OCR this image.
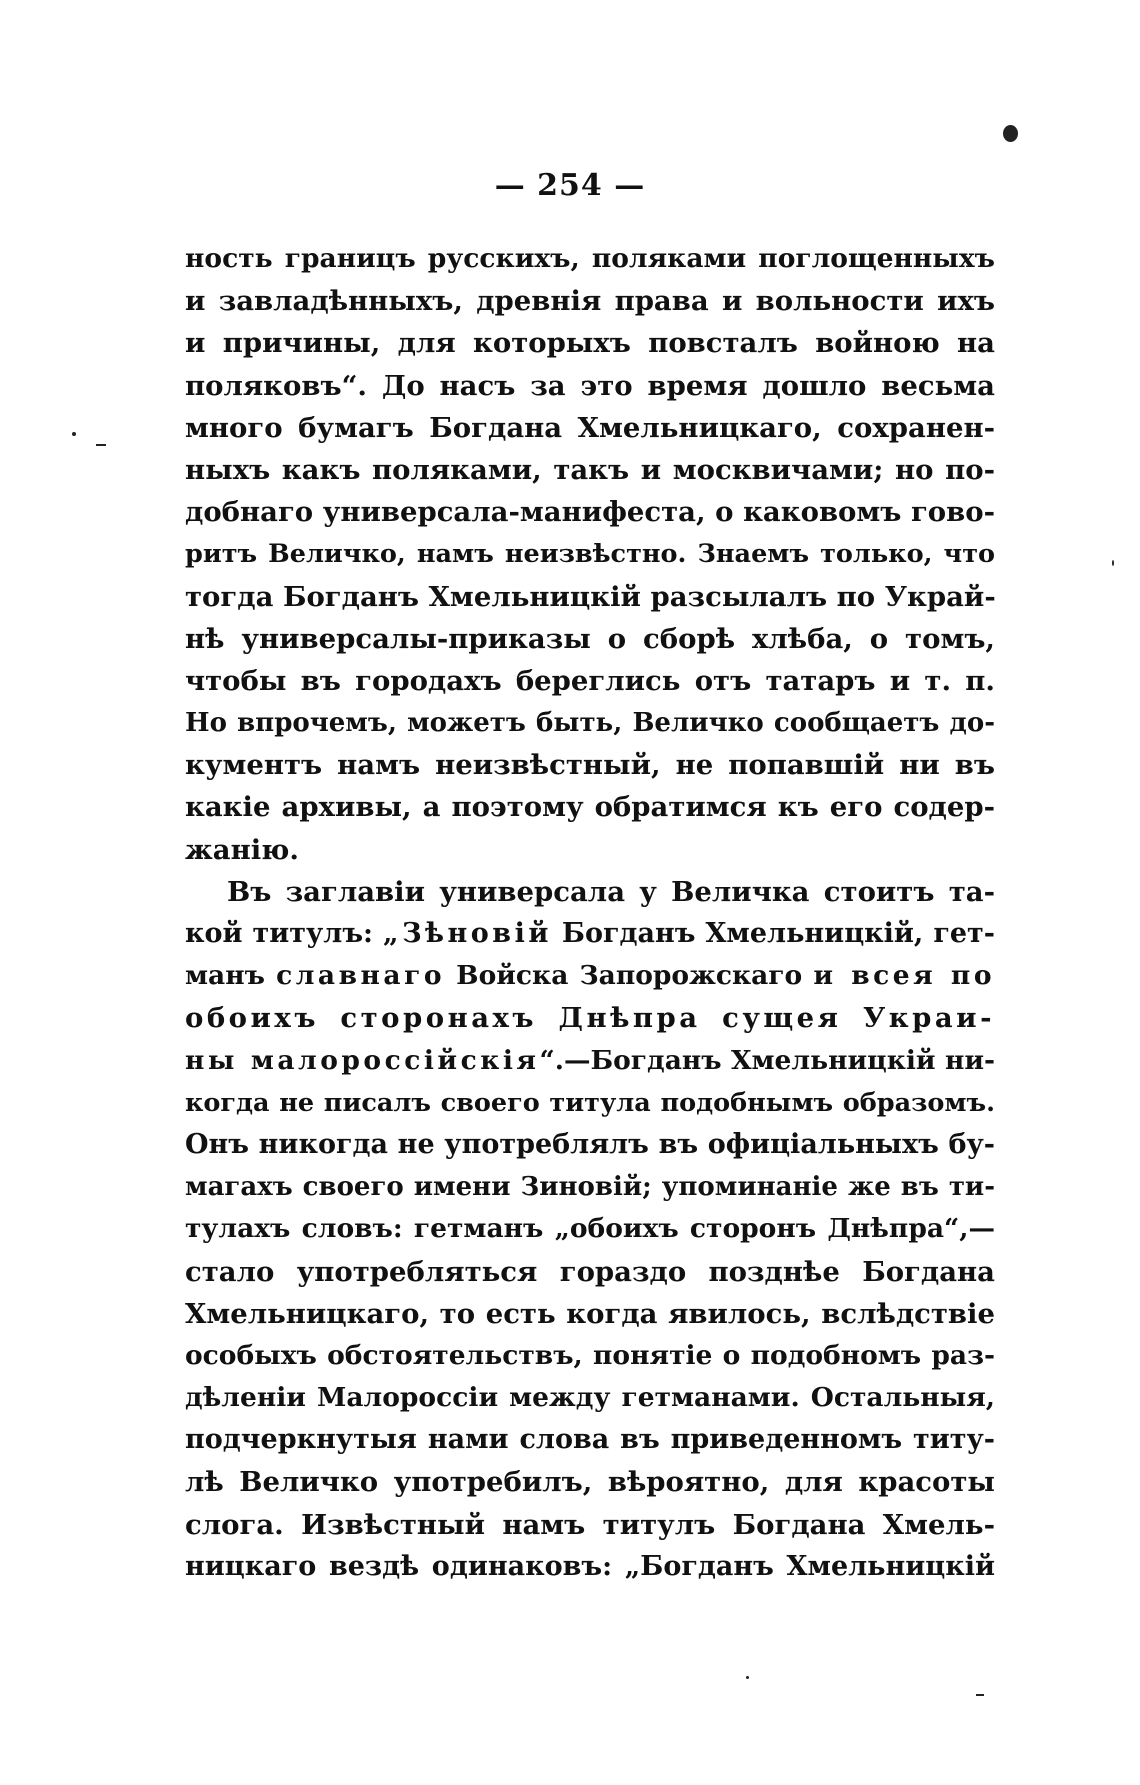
— 254 —
ность границъ русскихъ, поляками поглощенныхъ
и завладѣнныхъ, древнія права и вольности ихъ
и причины, для которыхъ повсталъ войною на
поляковъ“. До насъ за это время дошло весьма
много бумагъ Богдана Хмельницкаго, сохранен-
ныхъ какъ поляками, такъ и москвичами; но по-
добнаго универсала-манифеста, о каковомъ гово-
ритъ Величко, намъ неизвѣстно. Знаемъ только, что
тогда Богданъ Хмельницкій разсылалъ по Украй-
нѣ универсалы-приказы о сборѣ хлѣба, о томъ,
чтобы въ городахъ береглись отъ татаръ и т. п.
Но впрочемъ, можетъ быть, Величко сообщаетъ до-
кументъ намъ неизвѣстный, не попавшій ни въ
какіе архивы, а поэтому обратимся къ его содер-
жанію.
Въ заглавіи универсала у Величка стоитъ та-
кой титулъ: „Зѣновій Богданъ Хмельницкій, гет-
манъ славнаго Войска Запорожскаго и всея по
обоихъ сторонахъ Днѣпра сущея Украи-
ны малороссійскія“.—Богданъ Хмельницкій ни-
когда не писалъ своего титула подобнымъ образомъ.
Онъ никогда не употреблялъ въ офиціальныхъ бу-
магахъ своего имени Зиновій; упоминаніе же въ ти-
тулахъ словъ: гетманъ „обоихъ сторонъ Днѣпра“,—
стало употребляться гораздо позднѣе Богдана
Хмельницкаго, то есть когда явилось, вслѣдствіе
особыхъ обстоятельствъ, понятіе о подобномъ раз-
дѣленіи Малороссіи между гетманами. Остальныя,
подчеркнутыя нами слова въ приведенномъ титу-
лѣ Величко употребилъ, вѣроятно, для красоты
слога. Извѣстный намъ титулъ Богдана Хмель-
ницкаго вездѣ одинаковъ: „Богданъ Хмельницкій
